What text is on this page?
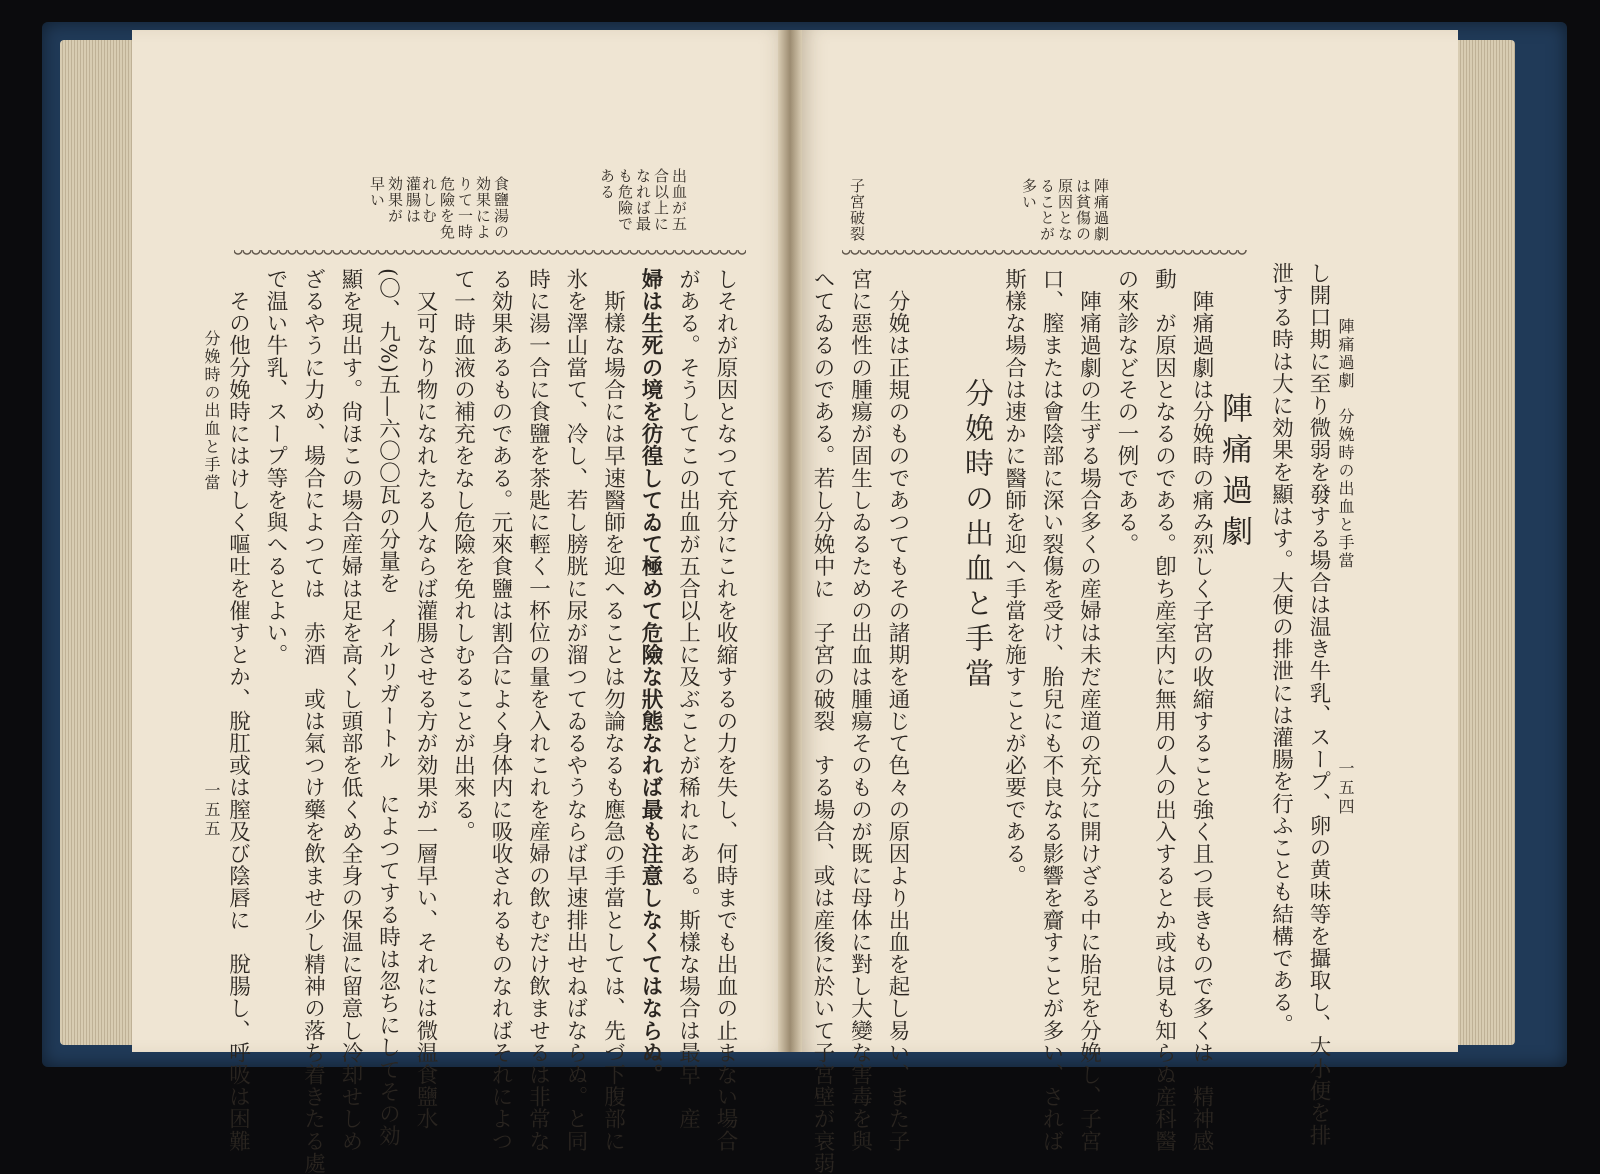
分娩時の出血と手當
一五五
出血が五合以上になれば最も危險である
食鹽湯の効果によりて一時危險を免れしむ
灌腸は効果が早い
しそれが原因となつて充分にこれを收縮するの力を失し、何時までも出血の止まない場合
がある。そうしてこの出血が五合以上に及ぶことが稀れにある。斯樣な場合は最早　産
婦は生死の境を彷徨してゐて極めて危險な狀態なれば最も注意しなくてはならぬ。
　斯樣な場合には早速醫師を迎へることは勿論なるも應急の手當としては、先づ下腹部に
氷を澤山當て、冷し、若し膀胱に尿が溜つてゐるやうならば早速排出せねばならぬ。と同
時に湯一合に食鹽を茶匙に輕く一杯位の量を入れこれを産婦の飲むだけ飲ませるは非常な
る効果あるものである。元來食鹽は割合によく身体内に吸收されるものなればそれによつ
て一時血液の補充をなし危險を免れしむることが出來る。
　又可なり物になれたる人ならば灌腸させる方が効果が一層早い、それには微温食鹽水
(〇、九%)五—六〇〇瓦の分量を　イルリガートル　によつてする時は忽ちにしてその効
顯を現出す。尙ほこの場合産婦は足を高くし頭部を低くめ全身の保温に留意し冷却せしめ
ざるやうに力め、場合によつては　赤酒　或は氣つけ藥を飲ませ少し精神の落ち着きたる處
で温い牛乳、スープ等を與へるとよい。
　その他分娩時にはけしく嘔吐を催すとか、脫肛或は膣及び陰唇に　脫腸し、呼吸は困難	陣痛過劇　分娩時の出血と手當
一五四
陣痛過劇は貧傷の原因となることが多い
子宮破裂
し開口期に至り微弱を發する場合は温き牛乳、スープ、卵の黄味等を攝取し、大小便を排
泄する時は大に効果を顯はす。大便の排泄には灌腸を行ふことも結構である。
陣痛過劇
　陣痛過劇は分娩時の痛み烈しく子宮の收縮すること強く且つ長きもので多くは　精神感
動　が原因となるのである。卽ち産室内に無用の人の出入するとか或は見も知らぬ産科醫
の來診などその一例である。
　陣痛過劇の生ずる場合多くの産婦は未だ産道の充分に開けざる中に胎兒を分娩し、子宮
口、膣または會陰部に深い裂傷を受け、胎兒にも不良なる影響を齎すことが多い、されば
斯樣な場合は速かに醫師を迎へ手當を施すことが必要である。
分娩時の出血と手當
　分娩は正規のものであつてもその諸期を通じて色々の原因より出血を起し易い、また子
宮に惡性の腫瘍が固生しゐるための出血は腫瘍そのものが既に母体に對し大變な害毒を與
へてゐるのである。若し分娩中に　子宮の破裂　する場合、或は産後に於いて子宮壁が衰弱
